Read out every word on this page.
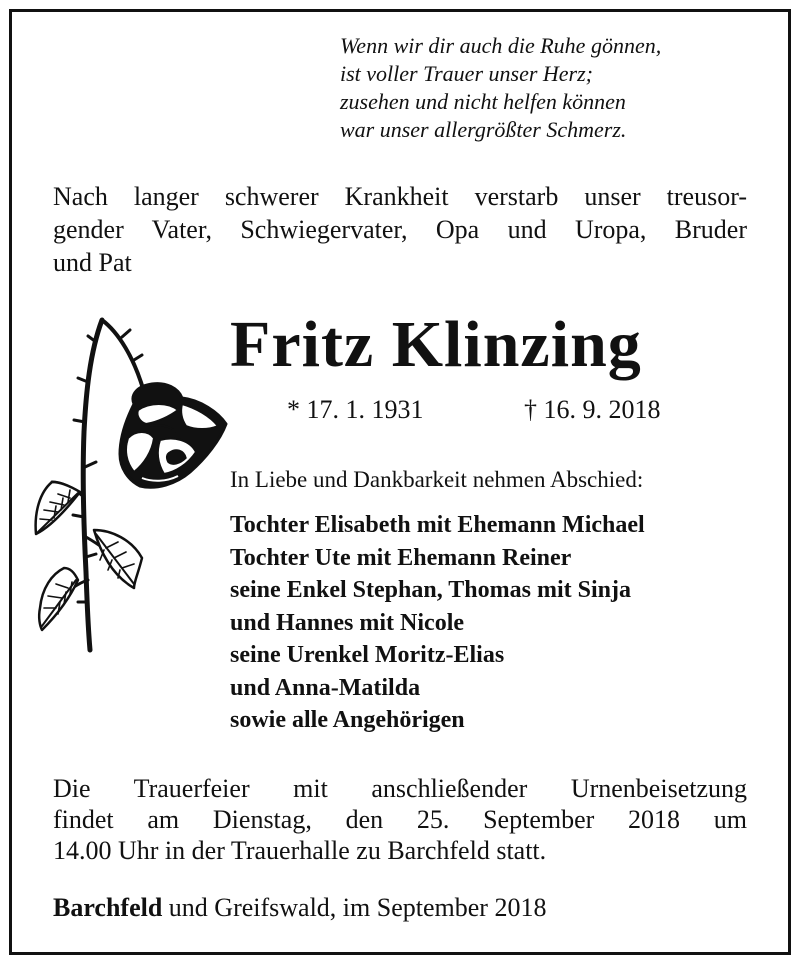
Wenn wir dir auch die Ruhe gönnen,
ist voller Trauer unser Herz;
zusehen und nicht helfen können
war unser allergrößter Schmerz.
Nach langer schwerer Krankheit verstarb unser treusor-
gender Vater, Schwiegervater, Opa und Uropa, Bruder
und Pat
Fritz Klinzing
* 17. 1. 1931	† 16. 9. 2018
In Liebe und Dankbarkeit nehmen Abschied:
Tochter Elisabeth mit Ehemann Michael
Tochter Ute mit Ehemann Reiner
seine Enkel Stephan, Thomas mit Sinja
und Hannes mit Nicole
seine Urenkel Moritz-Elias
und Anna-Matilda
sowie alle Angehörigen
Die Trauerfeier mit anschließender Urnenbeisetzung
findet am Dienstag, den 25. September 2018 um
14.00 Uhr in der Trauerhalle zu Barchfeld statt.
Barchfeld und Greifswald, im September 2018
